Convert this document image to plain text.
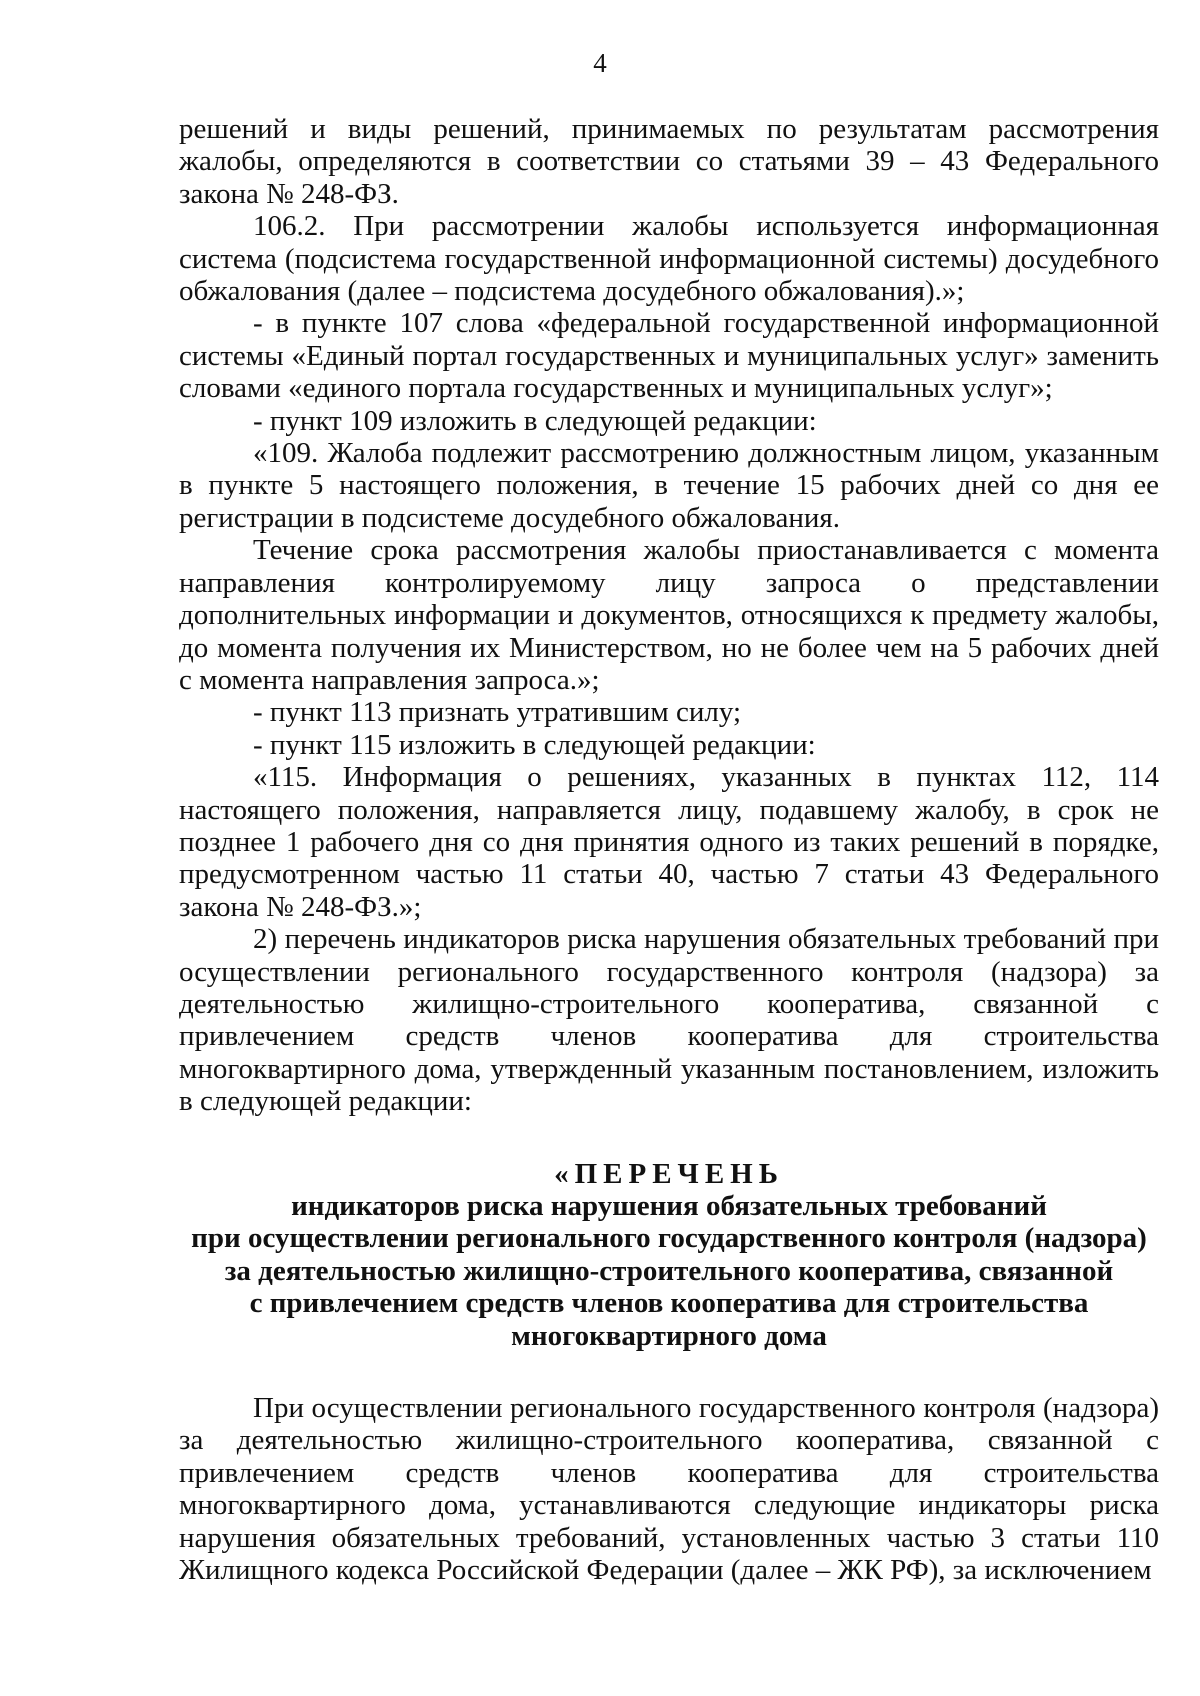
4

решений и виды решений, принимаемых по результатам рассмотрения жалобы, определяются в соответствии со статьями 39 – 43 Федерального закона № 248-ФЗ.

106.2. При рассмотрении жалобы используется информационная система (подсистема государственной информационной системы) досудебного обжалования (далее – подсистема досудебного обжалования).»;

- в пункте 107 слова «федеральной государственной информационной системы «Единый портал государственных и муниципальных услуг» заменить словами «единого портала государственных и муниципальных услуг»;

- пункт 109 изложить в следующей редакции:

«109. Жалоба подлежит рассмотрению должностным лицом, указанным в пункте 5 настоящего положения, в течение 15 рабочих дней со дня ее регистрации в подсистеме досудебного обжалования.

Течение срока рассмотрения жалобы приостанавливается с момента направления контролируемому лицу запроса о представлении дополнительных информации и документов, относящихся к предмету жалобы, до момента получения их Министерством, но не более чем на 5 рабочих дней с момента направления запроса.»;

- пункт 113 признать утратившим силу;

- пункт 115 изложить в следующей редакции:

«115. Информация о решениях, указанных в пунктах 112, 114 настоящего положения, направляется лицу, подавшему жалобу, в срок не позднее 1 рабочего дня со дня принятия одного из таких решений в порядке, предусмотренном частью 11 статьи 40, частью 7 статьи 43 Федерального закона № 248-ФЗ.»;

2) перечень индикаторов риска нарушения обязательных требований при осуществлении регионального государственного контроля (надзора) за деятельностью жилищно-строительного кооператива, связанной с привлечением средств членов кооператива для строительства многоквартирного дома, утвержденный указанным постановлением, изложить в следующей редакции:

«ПЕРЕЧЕНЬ
индикаторов риска нарушения обязательных требований
при осуществлении регионального государственного контроля (надзора)
за деятельностью жилищно-строительного кооператива, связанной
с привлечением средств членов кооператива для строительства
многоквартирного дома

При осуществлении регионального государственного контроля (надзора) за деятельностью жилищно-строительного кооператива, связанной с привлечением средств членов кооператива для строительства многоквартирного дома, устанавливаются следующие индикаторы риска нарушения обязательных требований, установленных частью 3 статьи 110 Жилищного кодекса Российской Федерации (далее – ЖК РФ), за исключением
